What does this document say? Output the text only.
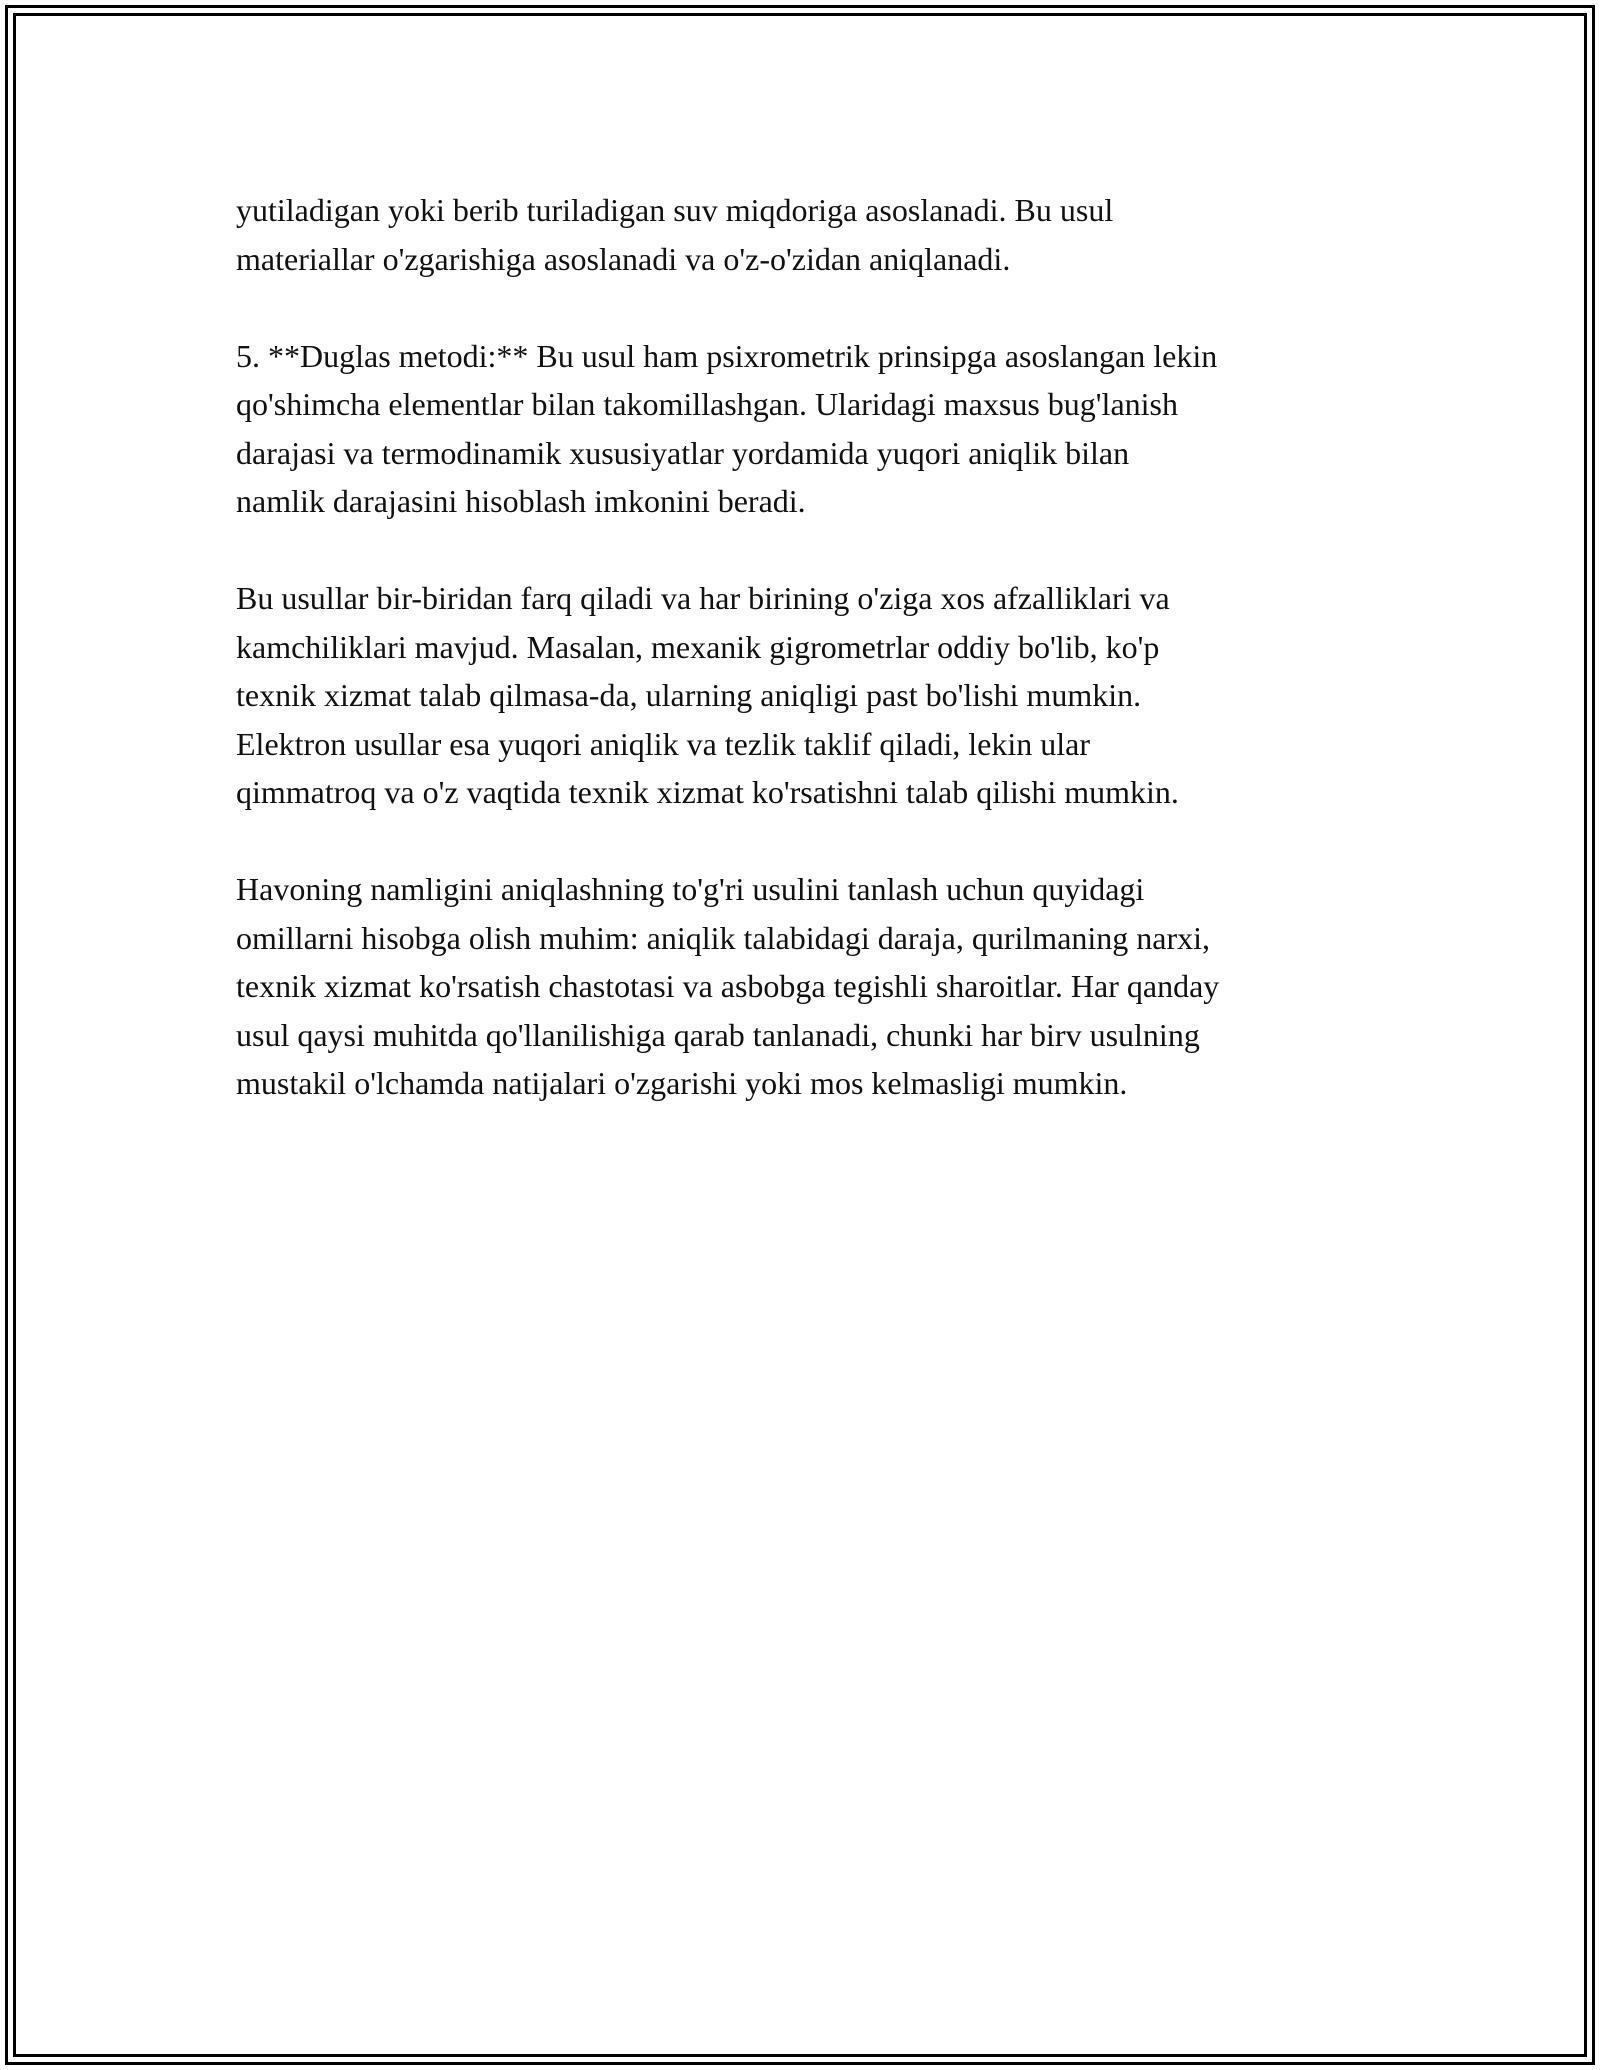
yutiladigan yoki berib turiladigan suv miqdoriga asoslanadi. Bu usul
materiallar o'zgarishiga asoslanadi va o'z-o'zidan aniqlanadi.

5. **Duglas metodi:** Bu usul ham psixrometrik prinsipga asoslangan lekin
qo'shimcha elementlar bilan takomillashgan. Ularidagi maxsus bug'lanish
darajasi va termodinamik xususiyatlar yordamida yuqori aniqlik bilan
namlik darajasini hisoblash imkonini beradi.

Bu usullar bir-biridan farq qiladi va har birining o'ziga xos afzalliklari va
kamchiliklari mavjud. Masalan, mexanik gigrometrlar oddiy bo'lib, ko'p
texnik xizmat talab qilmasa-da, ularning aniqligi past bo'lishi mumkin.
Elektron usullar esa yuqori aniqlik va tezlik taklif qiladi, lekin ular
qimmatroq va o'z vaqtida texnik xizmat ko'rsatishni talab qilishi mumkin.

Havoning namligini aniqlashning to'g'ri usulini tanlash uchun quyidagi
omillarni hisobga olish muhim: aniqlik talabidagi daraja, qurilmaning narxi,
texnik xizmat ko'rsatish chastotasi va asbobga tegishli sharoitlar. Har qanday
usul qaysi muhitda qo'llanilishiga qarab tanlanadi, chunki har birv usulning
mustakil o'lchamda natijalari o'zgarishi yoki mos kelmasligi mumkin.
